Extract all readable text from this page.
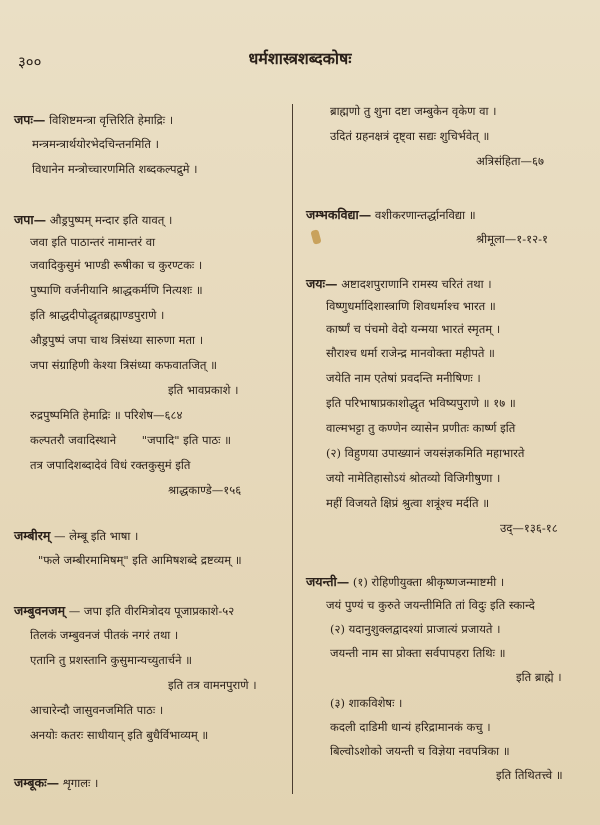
३००	धर्मशास्त्रशब्दकोषः
जपः— विशिष्टमन्त्रा वृत्तिरिति हेमाद्रिः ।
मन्त्रमन्त्रार्थयोरभेदचिन्तनमिति ।
विधानेन मन्त्रोच्चारणमिति शब्दकल्पद्रुमे ।
जपा— औड्रपुष्पम् मन्दार इति यावत् ।
जवा इति पाठान्तरं नामान्तरं वा
जवादिकुसुमं भाण्डी रूषीका च कुरण्टकः ।
पुष्पाणि वर्जनीयानि श्राद्धकर्मणि नित्यशः ॥
इति श्राद्धदीपोद्धृतब्रह्माण्डपुराणे ।
औड्रपुष्पं जपा चाथ त्रिसंध्या सारुणा मता ।
जपा संग्राहिणी केश्या त्रिसंध्या कफवातजित् ॥
इति भावप्रकाशे ।
रुद्रपुष्पमिति हेमाद्रिः ॥ परिशेष—६८४
कल्पतरौ जवादिस्थाने "जपादि" इति पाठः ॥
तत्र जपादिशब्दादेवं विधं रक्तकुसुमं इति
श्राद्धकाण्डे—१५६
जम्बीरम् — लेम्बू इति भाषा ।
"फले जम्बीरमामिषम्" इति आमिषशब्दे द्रष्टव्यम् ॥
जम्बुवनजम् — जपा इति वीरमित्रोदय पूजाप्रकाशे-५२
तिलकं जम्बुवनजं पीतकं नगरं तथा ।
एतानि तु प्रशस्तानि कुसुमान्यच्युतार्चने ॥
इति तत्र वामनपुराणे ।
आचारेन्दौ जासुवनजमिति पाठः ।
अनयोः कतरः साधीयान् इति बुधैर्विभाव्यम् ॥
जम्बूकः— शृगालः ।
ब्राह्मणो तु शुना दष्टा जम्बुकेन वृकेण वा ।
उदितं ग्रहनक्षत्रं दृष्ट्वा सद्यः शुचिर्भवेत् ॥
अत्रिसंहिता—६७
जम्भकविद्या— वशीकरणान्तर्द्धानविद्या ॥
श्रीमूला—१-१२-१
जयः— अष्टादशपुराणानि रामस्य चरितं तथा ।
विष्णुधर्मादिशास्त्राणि शिवधर्माश्च भारत ॥
कार्ष्णं च पंचमो वेदो यन्मया भारतं स्मृतम् ।
सौराश्च धर्मा राजेन्द्र मानवोक्ता महीपते ॥
जयेति नाम एतेषां प्रवदन्ति मनीषिणः ।
इति परिभाषाप्रकाशोद्धृत भविष्यपुराणे ॥ १७ ॥
वाल्मभट्टा तु कण्णेन व्यासेन प्रणीतः कार्ष्ण इति
(२) विहुणया उपाख्यानं जयसंज्ञकमिति महाभारते
जयो नामेतिहासोऽयं श्रोतव्यो विजिगीषुणा ।
महीं विजयते क्षिप्रं श्रुत्वा शत्रूंश्च मर्दति ॥
उद्—१३६-१८
जयन्ती— (१) रोहिणीयुक्ता श्रीकृष्णजन्माष्टमी ।
जयं पुण्यं च कुरुते जयन्तीमिति तां विदुः इति स्कान्दे
(२) यदानुशुक्लद्वादश्यां प्राजात्यं प्रजायते ।
जयन्ती नाम सा प्रोक्ता सर्वपापहरा तिथिः ॥
इति ब्राह्मे ।
(३) शाकविशेषः ।
कदली दाडिमी धान्यं हरिद्रामानकं कचु ।
बिल्वोऽशोको जयन्ती च विज्ञेया नवपत्रिका ॥
इति तिथितत्त्वे ॥
